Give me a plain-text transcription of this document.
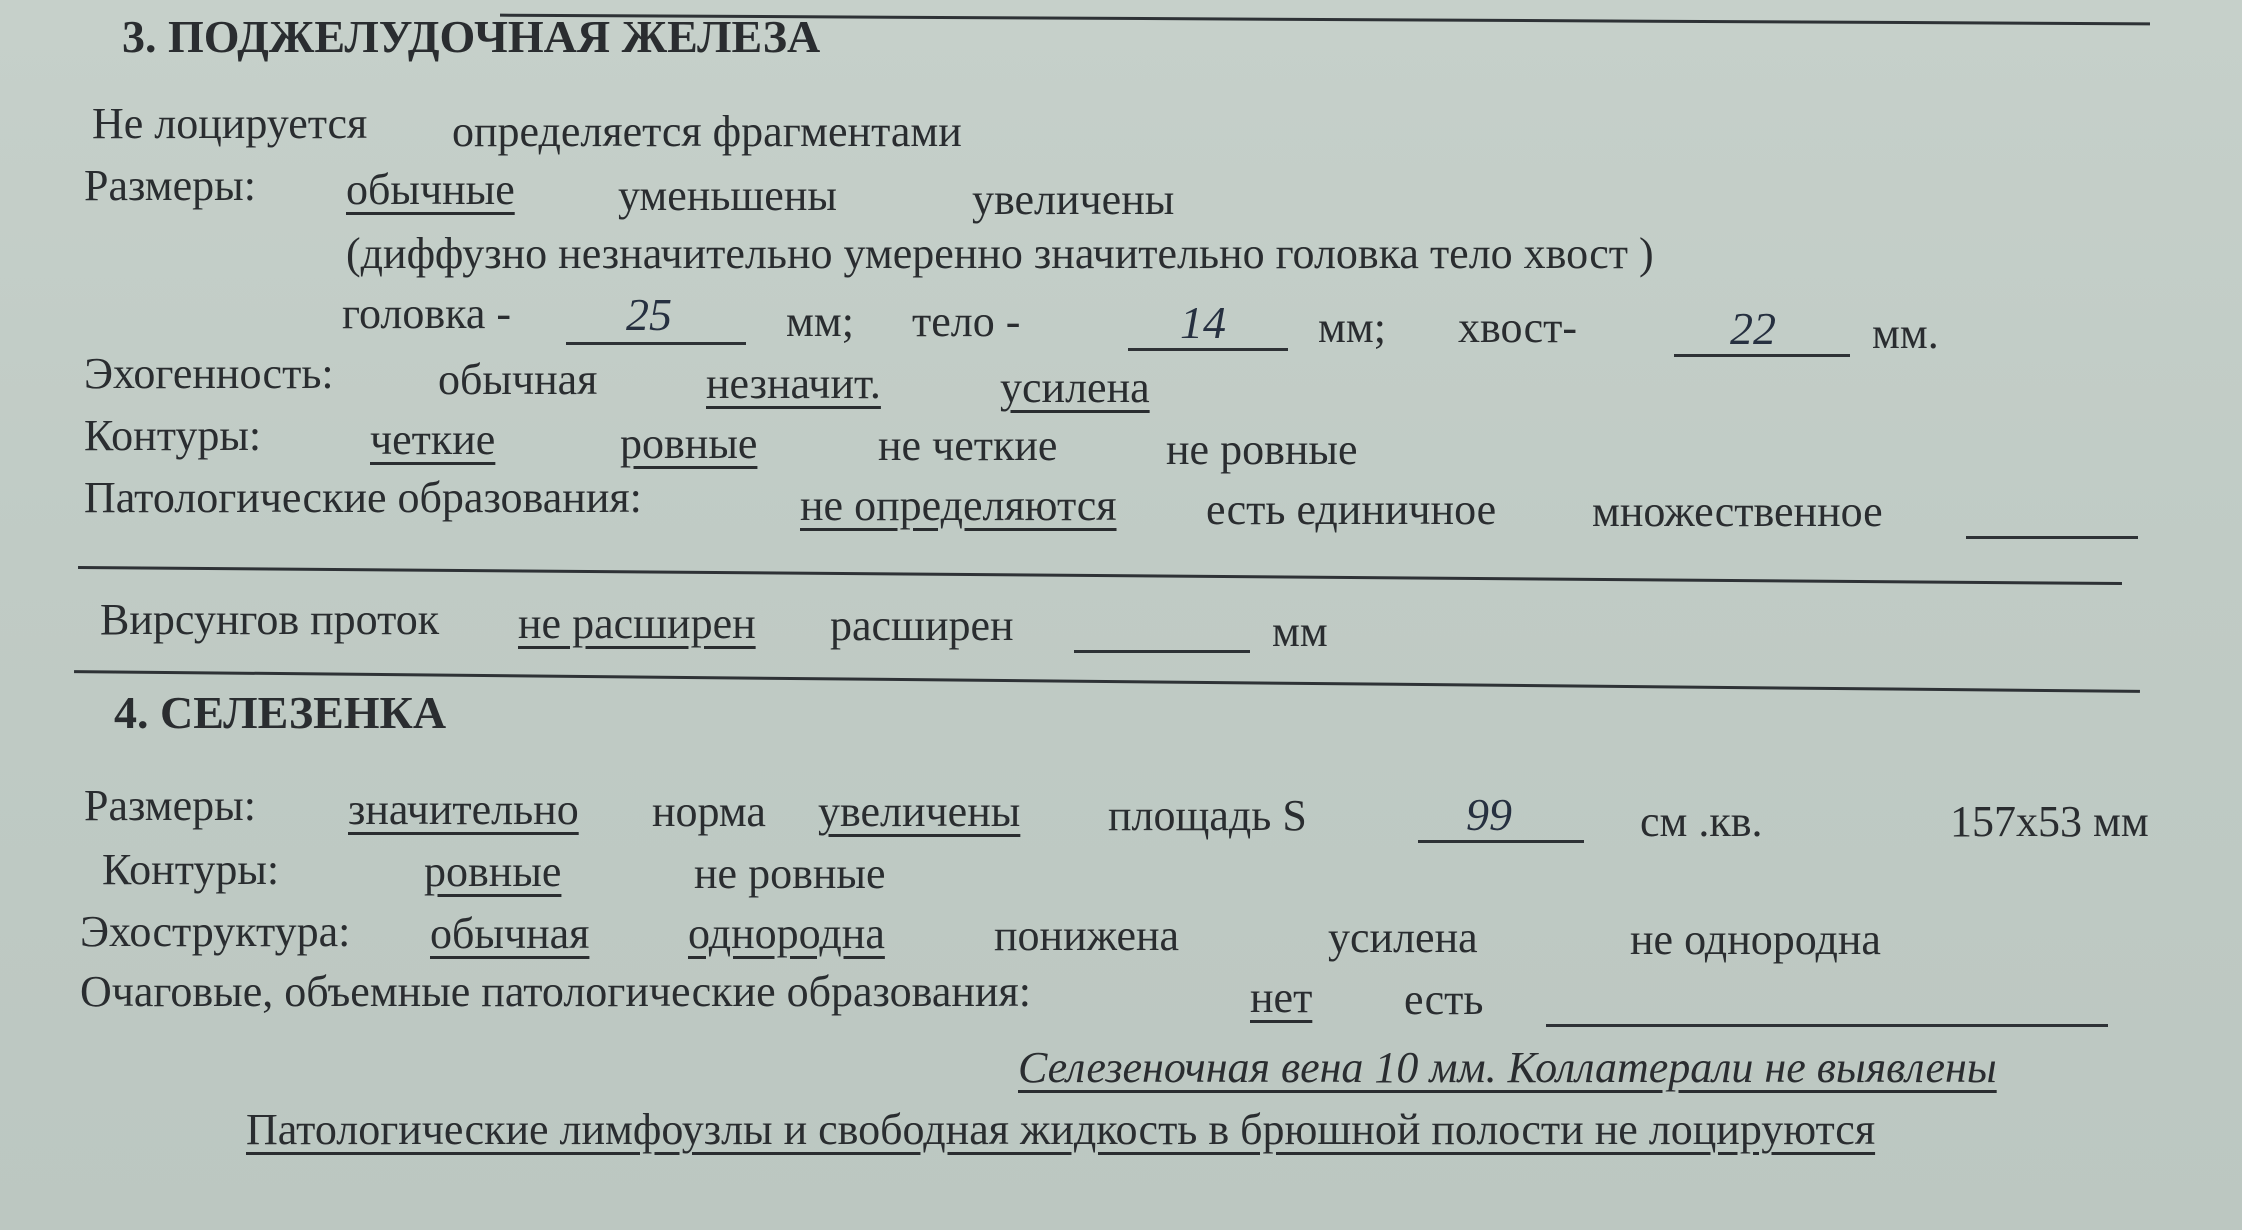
3. ПОДЖЕЛУДОЧНАЯ ЖЕЛЕЗА
Не лоцируется определяется фрагментами
Размеры: обычные уменьшены	увеличены
(диффузно незначительно умеренно значительно головка тело хвост )
головка -	25	мм; тело -	14 мм; хвост-	22 мм.
Эхогенность: обычная незначит.	усилена
Контуры: четкие	ровные	не четкие не ровные
Патологические образования:	не определяются есть единичное множественное
Вирсунгов проток не расширен расширен	мм
4. СЕЛЕЗЕНКА
Размеры: значительно норма увеличены площадь S	99	см .кв.	157x53 мм
Контуры:	ровные	не ровные
Эхоструктура: обычная однородна понижена	усилена	не однородна
Очаговые, объемные патологические образования:	нет есть
Селезеночная вена 10 мм. Коллатерали не выявлены
Патологические лимфоузлы и свободная жидкость в брюшной полости не лоцируются
